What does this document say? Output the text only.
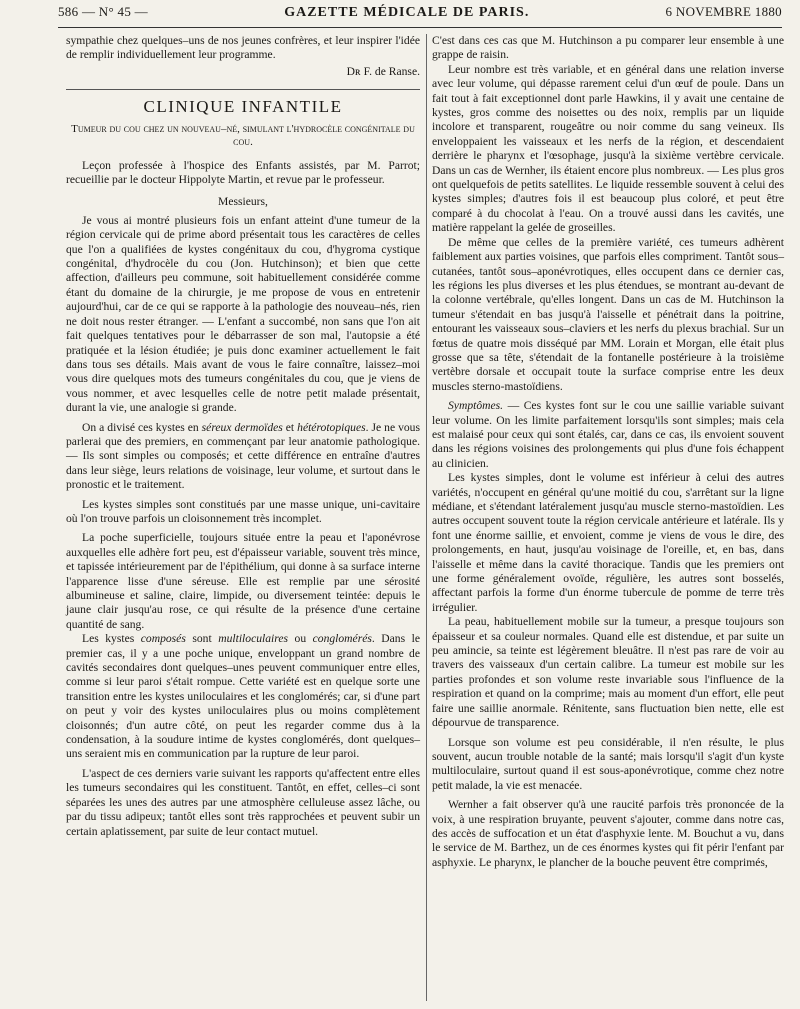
586 — N° 45 —	GAZETTE MÉDICALE DE PARIS.	6 NOVEMBRE 1880

sympathie chez quelques–uns de nos jeunes confrères, et leur inspirer l'idée de remplir individuellement leur programme.

Dʀ F. de Ranse.
CLINIQUE INFANTILE
Tumeur du cou chez un nouveau–né, simulant l'hydrocèle congénitale du cou.

Leçon professée à l'hospice des Enfants assistés, par M. Parrot; recueillie par le docteur Hippolyte Martin, et revue par le professeur.

Messieurs,

Je vous ai montré plusieurs fois un enfant atteint d'une tumeur de la région cervicale qui de prime abord présentait tous les caractères de celles que l'on a qualifiées de kystes congénitaux du cou, d'hygroma cystique congénital, d'hydrocèle du cou (Jon. Hutchinson); et bien que cette affection, d'ailleurs peu commune, soit habituellement considérée comme étant du domaine de la chirurgie, je me propose de vous en entretenir aujourd'hui, car de ce qui se rapporte à la pathologie des nouveau–nés, rien ne doit nous rester étranger. — L'enfant a succombé, non sans que l'on ait fait quelques tentatives pour le débarrasser de son mal, l'autopsie a été pratiquée et la lésion étudiée; je puis donc examiner actuellement le fait dans tous ses détails. Mais avant de vous le faire connaître, laissez–moi vous dire quelques mots des tumeurs congénitales du cou, que je viens de vous nommer, et avec lesquelles celle de notre petit malade présentait, durant la vie, une analogie si grande.

On a divisé ces kystes en séreux dermoïdes et hétérotopiques. Je ne vous parlerai que des premiers, en commençant par leur anatomie pathologique. — Ils sont simples ou composés; et cette différence en entraîne d'autres dans leur siège, leurs relations de voisinage, leur volume, et surtout dans le pronostic et le traitement.

Les kystes simples sont constitués par une masse unique, uni-cavitaire où l'on trouve parfois un cloisonnement très incomplet.

La poche superficielle, toujours située entre la peau et l'aponévrose auxquelles elle adhère fort peu, est d'épaisseur variable, souvent très mince, et tapissée intérieurement par de l'épithélium, qui donne à sa surface interne l'apparence lisse d'une séreuse. Elle est remplie par une sérosité albumineuse et saline, claire, limpide, ou diversement teintée: depuis le jaune clair jusqu'au rose, ce qui résulte de la présence d'une certaine quantité de sang.

Les kystes composés sont multiloculaires ou conglomérés. Dans le premier cas, il y a une poche unique, enveloppant un grand nombre de cavités secondaires dont quelques–unes peuvent communiquer entre elles, comme si leur paroi s'était rompue. Cette variété est en quelque sorte une transition entre les kystes uniloculaires et les conglomérés; car, si d'une part on peut y voir des kystes uniloculaires plus ou moins complètement cloisonnés; d'un autre côté, on peut les regarder comme dus à la condensation, à la soudure intime de kystes conglomérés, dont quelques–uns seraient mis en communication par la rupture de leur paroi.

L'aspect de ces derniers varie suivant les rapports qu'affectent entre elles les tumeurs secondaires qui les constituent. Tantôt, en effet, celles–ci sont séparées les unes des autres par une atmosphère celluleuse assez lâche, ou par du tissu adipeux; tantôt elles sont très rapprochées et peuvent subir un certain aplatissement, par suite de leur contact mutuel.

C'est dans ces cas que M. Hutchinson a pu comparer leur ensemble à une grappe de raisin.

Leur nombre est très variable, et en général dans une relation inverse avec leur volume, qui dépasse rarement celui d'un œuf de poule. Dans un fait tout à fait exceptionnel dont parle Hawkins, il y avait une centaine de kystes, gros comme des noisettes ou des noix, remplis par un liquide incolore et transparent, rougeâtre ou noir comme du sang veineux. Ils enveloppaient les vaisseaux et les nerfs de la région, et descendaient derrière le pharynx et l'œsophage, jusqu'à la sixième vertèbre cervicale. Dans un cas de Wernher, ils étaient encore plus nombreux. — Les plus gros ont quelquefois de petits satellites. Le liquide ressemble souvent à celui des kystes simples; d'autres fois il est beaucoup plus coloré, et peut être comparé à du chocolat à l'eau. On a trouvé aussi dans les cavités, une matière rappelant la gelée de groseilles.

De même que celles de la première variété, ces tumeurs adhèrent faiblement aux parties voisines, que parfois elles compriment. Tantôt sous–cutanées, tantôt sous–aponévrotiques, elles occupent dans ce dernier cas, les régions les plus diverses et les plus étendues, se montrant au-devant de la colonne vertébrale, qu'elles longent. Dans un cas de M. Hutchinson la tumeur s'étendait en bas jusqu'à l'aisselle et pénétrait dans la poitrine, entourant les vaisseaux sous–claviers et les nerfs du plexus brachial. Sur un fœtus de quatre mois disséqué par MM. Lorain et Morgan, elle était plus grosse que sa tête, s'étendait de la fontanelle postérieure à la troisième vertèbre dorsale et occupait toute la surface comprise entre les deux muscles sterno-mastoïdiens.

Symptômes. — Ces kystes font sur le cou une saillie variable suivant leur volume. On les limite parfaitement lorsqu'ils sont simples; mais cela est malaisé pour ceux qui sont étalés, car, dans ce cas, ils envoient souvent dans les régions voisines des prolongements qui plus d'une fois échappent au clinicien.

Les kystes simples, dont le volume est inférieur à celui des autres variétés, n'occupent en général qu'une moitié du cou, s'arrêtant sur la ligne médiane, et s'étendant latéralement jusqu'au muscle sterno-mastoïdien. Les autres occupent souvent toute la région cervicale antérieure et latérale. Ils y font une énorme saillie, et envoient, comme je viens de vous le dire, des prolongements, en haut, jusqu'au voisinage de l'oreille, et, en bas, dans l'aisselle et même dans la cavité thoracique. Tandis que les premiers ont une forme généralement ovoïde, régulière, les autres sont bosselés, affectant parfois la forme d'un énorme tubercule de pomme de terre très irrégulier.

La peau, habituellement mobile sur la tumeur, a presque toujours son épaisseur et sa couleur normales. Quand elle est distendue, et par suite un peu amincie, sa teinte est légèrement bleuâtre. Il n'est pas rare de voir au travers des vaisseaux d'un certain calibre. La tumeur est mobile sur les parties profondes et son volume reste invariable sous l'influence de la respiration et quand on la comprime; mais au moment d'un effort, elle peut faire une saillie anormale. Rénitente, sans fluctuation bien nette, elle est dépourvue de transparence.

Lorsque son volume est peu considérable, il n'en résulte, le plus souvent, aucun trouble notable de la santé; mais lorsqu'il s'agit d'un kyste multiloculaire, surtout quand il est sous-aponévrotique, comme chez notre petit malade, la vie est menacée.

Wernher a fait observer qu'à une raucité parfois très prononcée de la voix, à une respiration bruyante, peuvent s'ajouter, comme dans notre cas, des accès de suffocation et un état d'asphyxie lente. M. Bouchut a vu, dans le service de M. Barthez, un de ces énormes kystes qui fit périr l'enfant par asphyxie. Le pharynx, le plancher de la bouche peuvent être comprimés,
